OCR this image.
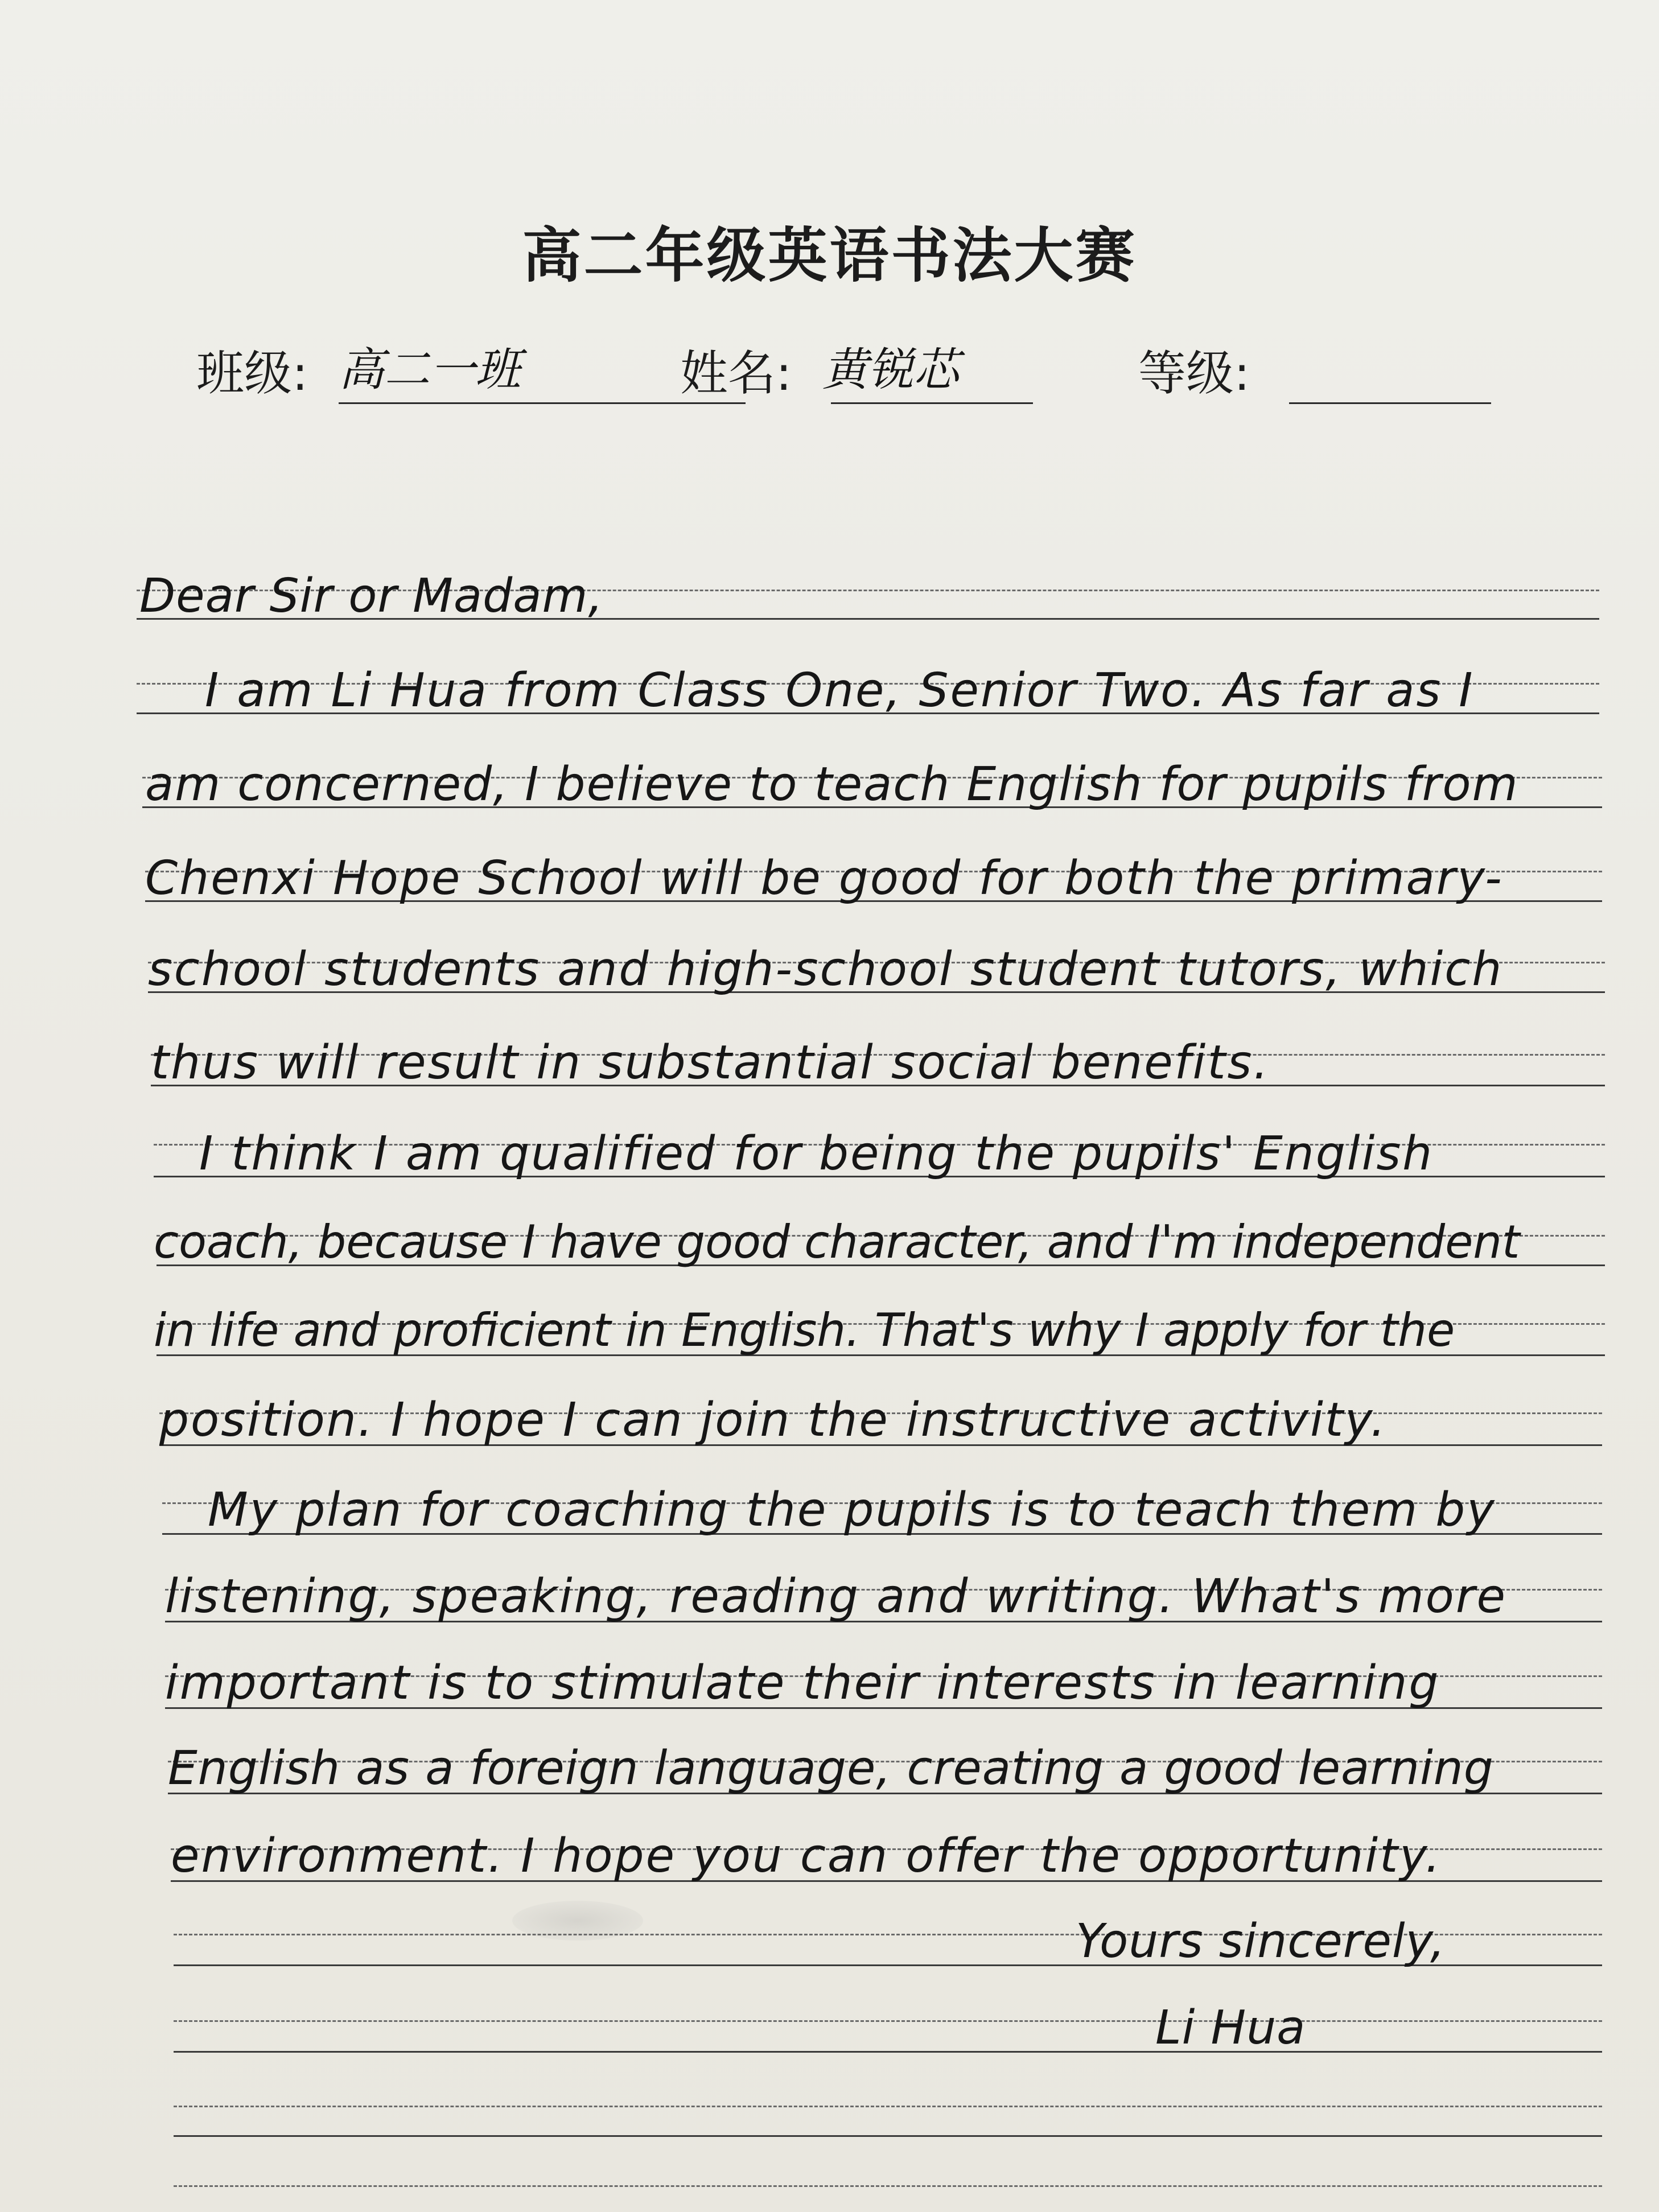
高二年级英语书法大赛
班级: 高二一班	姓名: 黄锐芯	等级:
Dear Sir or Madam,
I am Li Hua from Class One, Senior Two. As far as I
am concerned, I believe to teach English for pupils from
Chenxi Hope School will be good for both the primary-
school students and high-school student tutors, which
thus will result in substantial social benefits.
I think I am qualified for being the pupils' English
coach, because I have good character, and I'm independent
in life and proficient in English. That's why I apply for the
position. I hope I can join the instructive activity.
My plan for coaching the pupils is to teach them by
listening, speaking, reading and writing. What's more
important is to stimulate their interests in learning
English as a foreign language, creating a good learning
environment. I hope you can offer the opportunity.
Yours sincerely,
Li Hua
